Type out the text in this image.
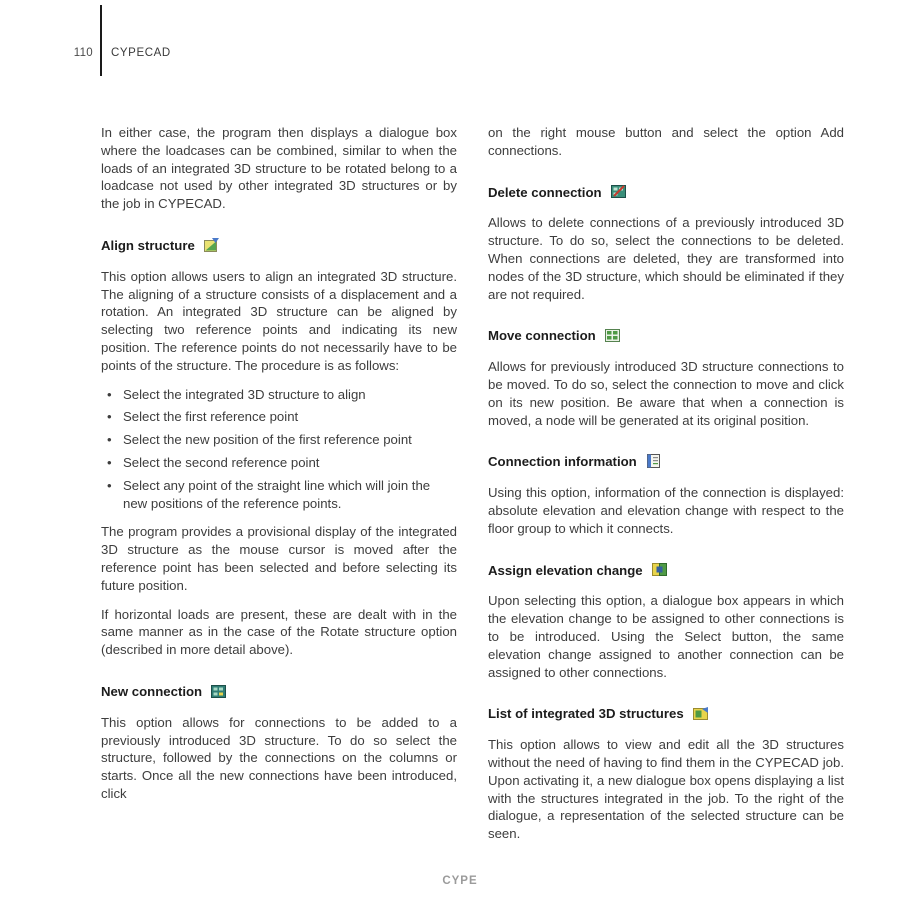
110 CYPECAD

In either case, the program then displays a dialogue box where the loadcases can be combined, similar to when the loads of an integrated 3D structure to be rotated belong to a loadcase not used by other integrated 3D structures or by the job in CYPECAD.

Align structure

This option allows users to align an integrated 3D structure. The aligning of a structure consists of a displacement and a rotation. An integrated 3D structure can be aligned by selecting two reference points and indicating its new position. The reference points do not necessarily have to be points of the structure. The procedure is as follows:

• Select the integrated 3D structure to align
• Select the first reference point
• Select the new position of the first reference point
• Select the second reference point
• Select any point of the straight line which will join the new positions of the reference points.

The program provides a provisional display of the integrated 3D structure as the mouse cursor is moved after the reference point has been selected and before selecting its future position.

If horizontal loads are present, these are dealt with in the same manner as in the case of the Rotate structure option (described in more detail above).

New connection

This option allows for connections to be added to a previously introduced 3D structure. To do so select the structure, followed by the connections on the columns or starts. Once all the new connections have been introduced, click

on the right mouse button and select the option Add connections.

Delete connection

Allows to delete connections of a previously introduced 3D structure. To do so, select the connections to be deleted. When connections are deleted, they are transformed into nodes of the 3D structure, which should be eliminated if they are not required.

Move connection

Allows for previously introduced 3D structure connections to be moved. To do so, select the connection to move and click on its new position. Be aware that when a connection is moved, a node will be generated at its original position.

Connection information

Using this option, information of the connection is displayed: absolute elevation and elevation change with respect to the floor group to which it connects.

Assign elevation change

Upon selecting this option, a dialogue box appears in which the elevation change to be assigned to other connections is to be introduced. Using the Select button, the same elevation change assigned to another connection can be assigned to other connections.

List of integrated 3D structures

This option allows to view and edit all the 3D structures without the need of having to find them in the CYPECAD job. Upon activating it, a new dialogue box opens displaying a list with the structures integrated in the job. To the right of the dialogue, a representation of the selected structure can be seen.

CYPE
